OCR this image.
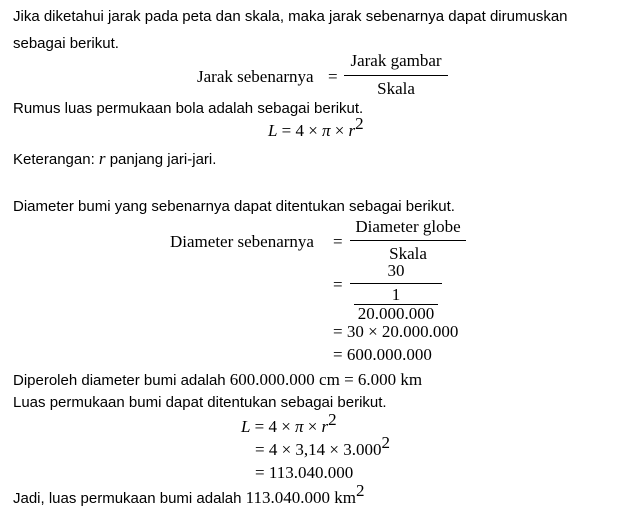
Jika diketahui jarak pada peta dan skala, maka jarak sebenarnya dapat dirumuskan
sebagai berikut.
Jarak sebenarnya =
Jarak gambar
Skala
Rumus luas permukaan bola adalah sebagai berikut.
$L = 4 \times \pi \times r^2$
Keterangan: r panjang jari-jari.
Diameter bumi yang sebenarnya dapat ditentukan sebagai berikut.
Diameter sebenarnya =
Diameter globe
Skala
=
30
1
20.000.000
= 30 × 20.000.000
= 600.000.000
Diperoleh diameter bumi adalah 600.000.000 cm = 6.000 km
Luas permukaan bumi dapat ditentukan sebagai berikut.
$L = 4 \times \pi \times r^2$
= $4 \times 3,14 \times 3.000^2$
= 113.040.000
Jadi, luas permukaan bumi adalah 113.040.000 $km^2$
